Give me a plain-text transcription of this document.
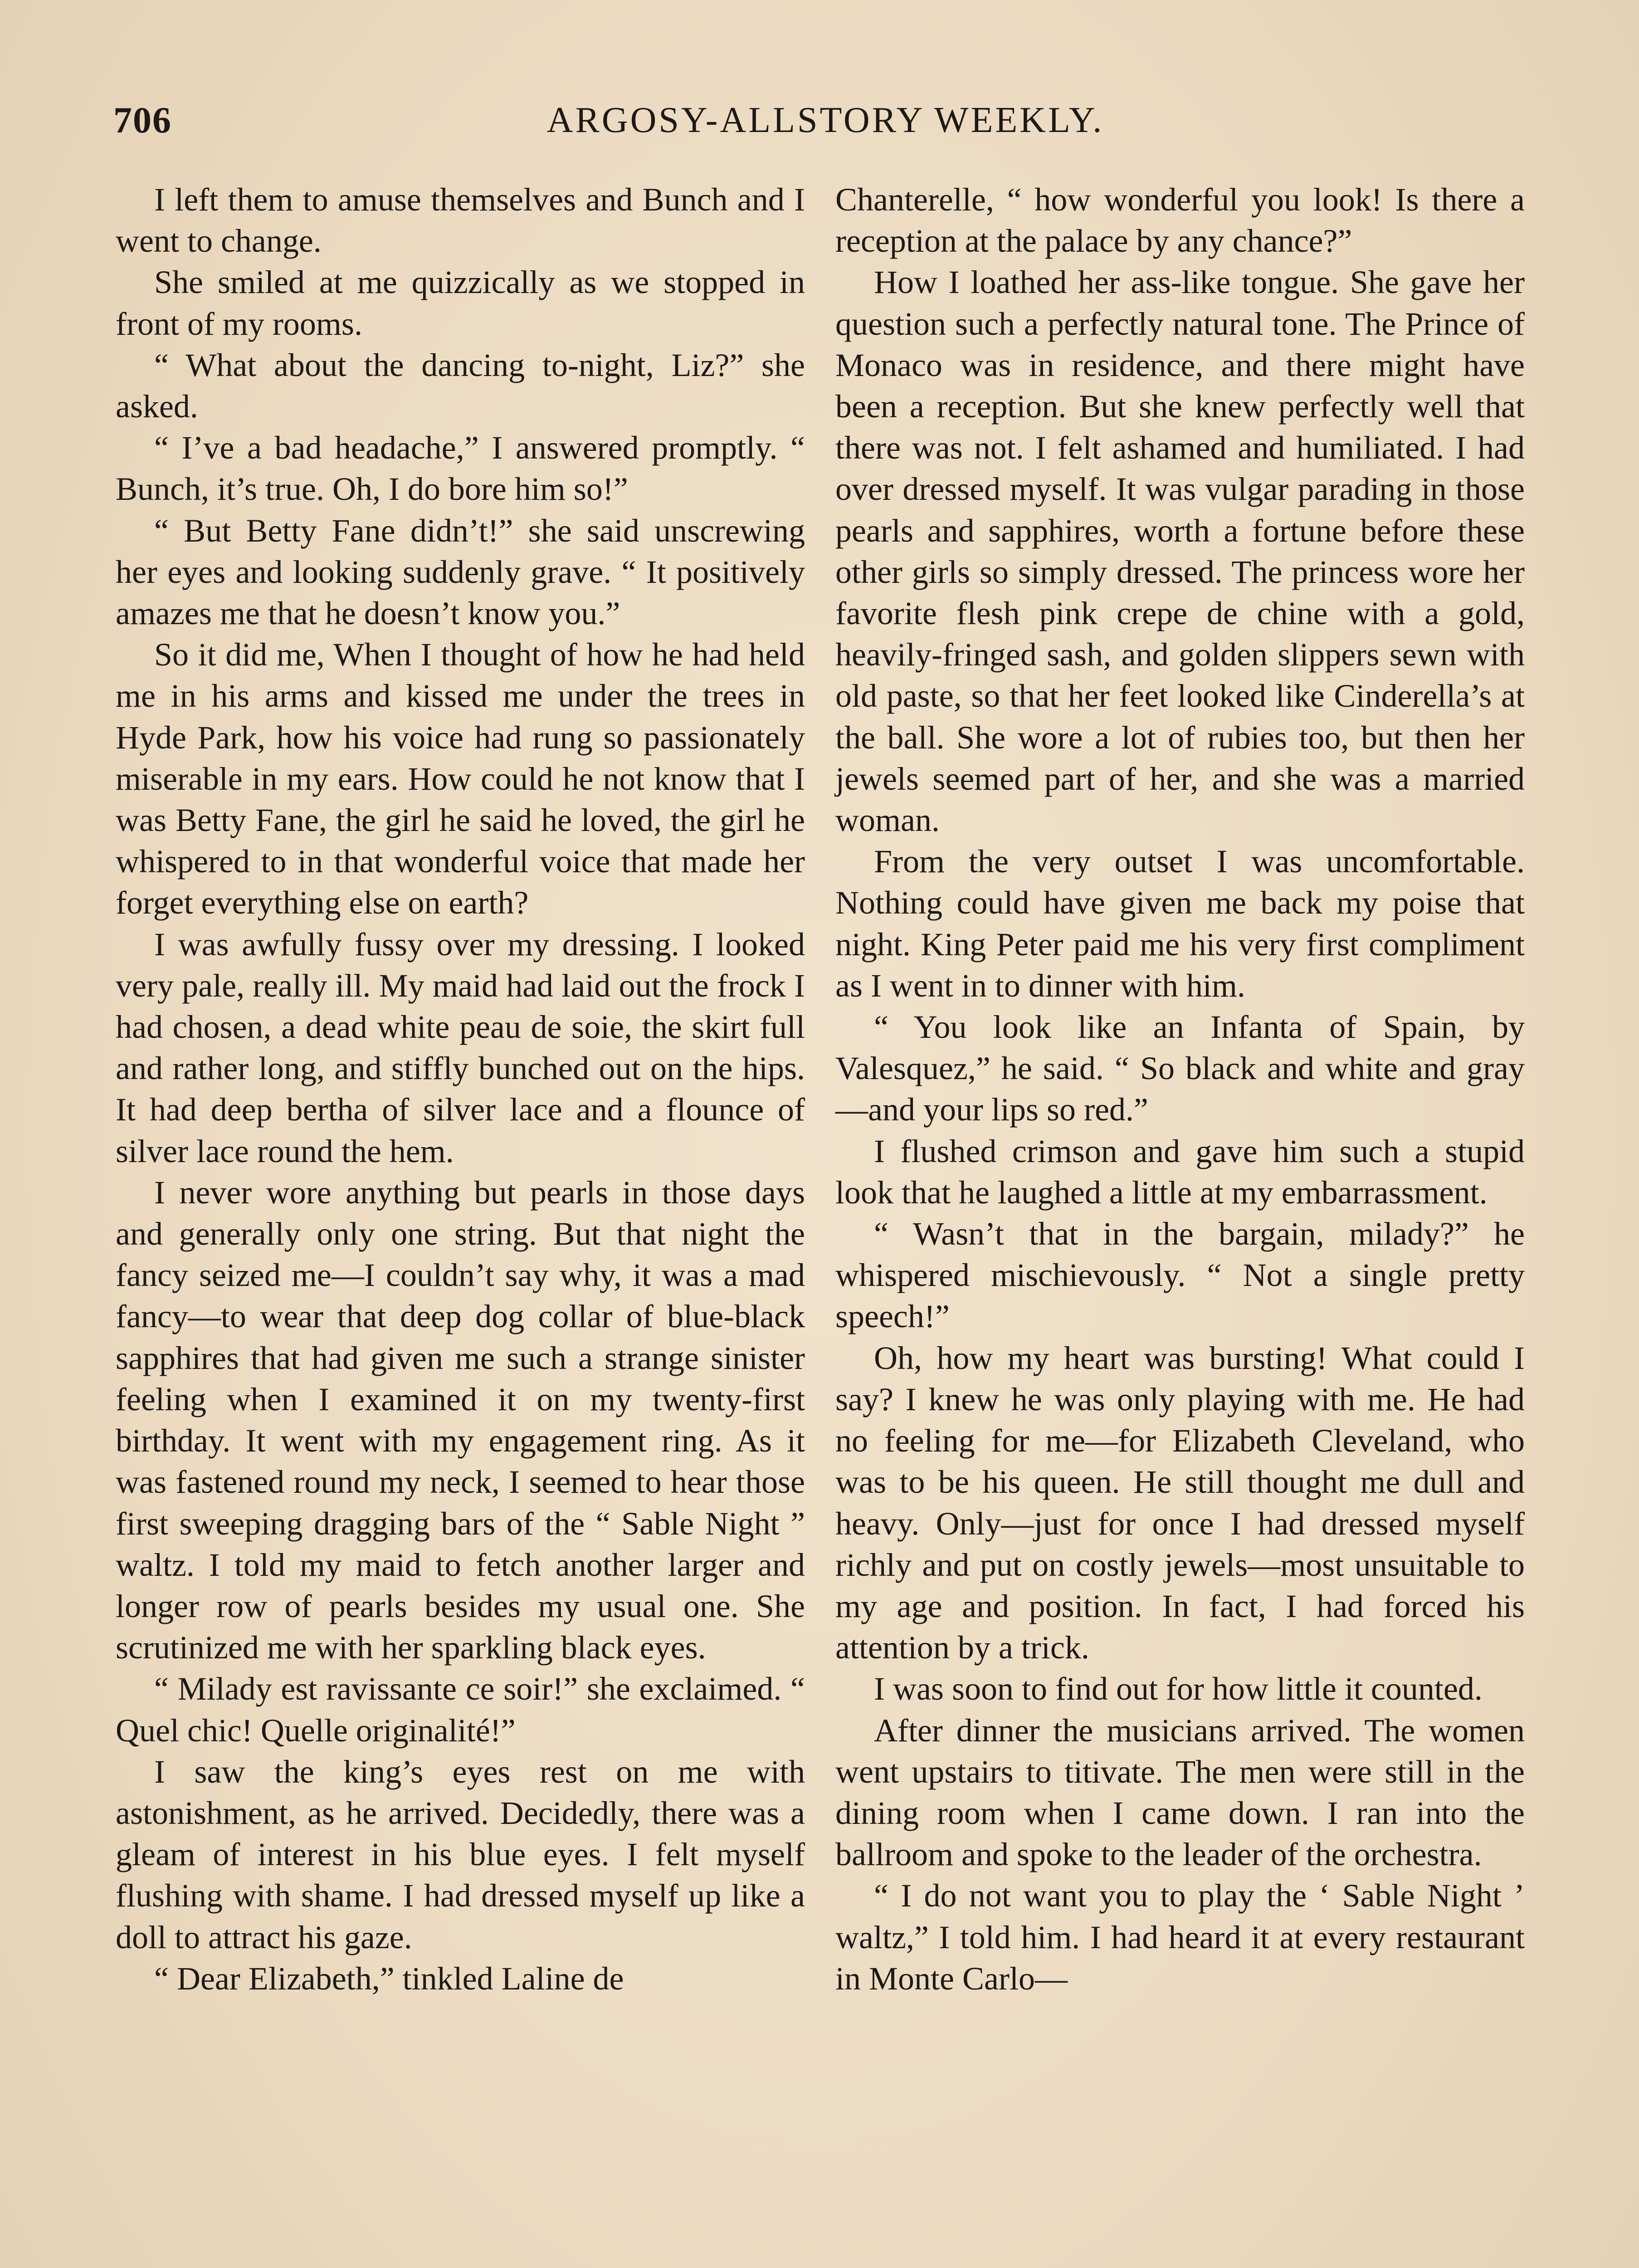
706	ARGOSY-ALLSTORY WEEKLY.

I left them to amuse themselves and Bunch and I went to change.

She smiled at me quizzically as we stopped in front of my rooms.

“ What about the dancing to-night, Liz?” she asked.

“ I’ve a bad headache,” I answered promptly. “ Bunch, it’s true. Oh, I do bore him so!”

“ But Betty Fane didn’t!” she said unscrewing her eyes and looking suddenly grave. “ It positively amazes me that he doesn’t know you.”

So it did me, When I thought of how he had held me in his arms and kissed me under the trees in Hyde Park, how his voice had rung so passionately miserable in my ears. How could he not know that I was Betty Fane, the girl he said he loved, the girl he whispered to in that wonderful voice that made her forget everything else on earth?

I was awfully fussy over my dressing. I looked very pale, really ill. My maid had laid out the frock I had chosen, a dead white peau de soie, the skirt full and rather long, and stiffly bunched out on the hips. It had deep bertha of silver lace and a flounce of silver lace round the hem.

I never wore anything but pearls in those days and generally only one string. But that night the fancy seized me—I couldn’t say why, it was a mad fancy—to wear that deep dog collar of blue-black sapphires that had given me such a strange sinister feeling when I examined it on my twenty-first birthday. It went with my engagement ring. As it was fastened round my neck, I seemed to hear those first sweeping dragging bars of the “ Sable Night ” waltz. I told my maid to fetch another larger and longer row of pearls besides my usual one. She scrutinized me with her sparkling black eyes.

“ Milady est ravissante ce soir!” she exclaimed. “ Quel chic! Quelle originalité!”

I saw the king’s eyes rest on me with astonishment, as he arrived. Decidedly, there was a gleam of interest in his blue eyes. I felt myself flushing with shame. I had dressed myself up like a doll to attract his gaze.

“ Dear Elizabeth,” tinkled Laline de

Chanterelle, “ how wonderful you look! Is there a reception at the palace by any chance?”

How I loathed her ass-like tongue. She gave her question such a perfectly natural tone. The Prince of Monaco was in residence, and there might have been a reception. But she knew perfectly well that there was not. I felt ashamed and humiliated. I had over dressed myself. It was vulgar parading in those pearls and sapphires, worth a fortune before these other girls so simply dressed. The princess wore her favorite flesh pink crepe de chine with a gold, heavily-fringed sash, and golden slippers sewn with old paste, so that her feet looked like Cinderella’s at the ball. She wore a lot of rubies too, but then her jewels seemed part of her, and she was a married woman.

From the very outset I was uncomfortable. Nothing could have given me back my poise that night. King Peter paid me his very first compliment as I went in to dinner with him.

“ You look like an Infanta of Spain, by Valesquez,” he said. “ So black and white and gray—and your lips so red.”

I flushed crimson and gave him such a stupid look that he laughed a little at my embarrassment.

“ Wasn’t that in the bargain, milady?” he whispered mischievously. “ Not a single pretty speech!”

Oh, how my heart was bursting! What could I say? I knew he was only playing with me. He had no feeling for me—for Elizabeth Cleveland, who was to be his queen. He still thought me dull and heavy. Only—just for once I had dressed myself richly and put on costly jewels—most unsuitable to my age and position. In fact, I had forced his attention by a trick.

I was soon to find out for how little it counted.

After dinner the musicians arrived. The women went upstairs to titivate. The men were still in the dining room when I came down. I ran into the ballroom and spoke to the leader of the orchestra.

“ I do not want you to play the ‘ Sable Night ’ waltz,” I told him. I had heard it at every restaurant in Monte Carlo—
